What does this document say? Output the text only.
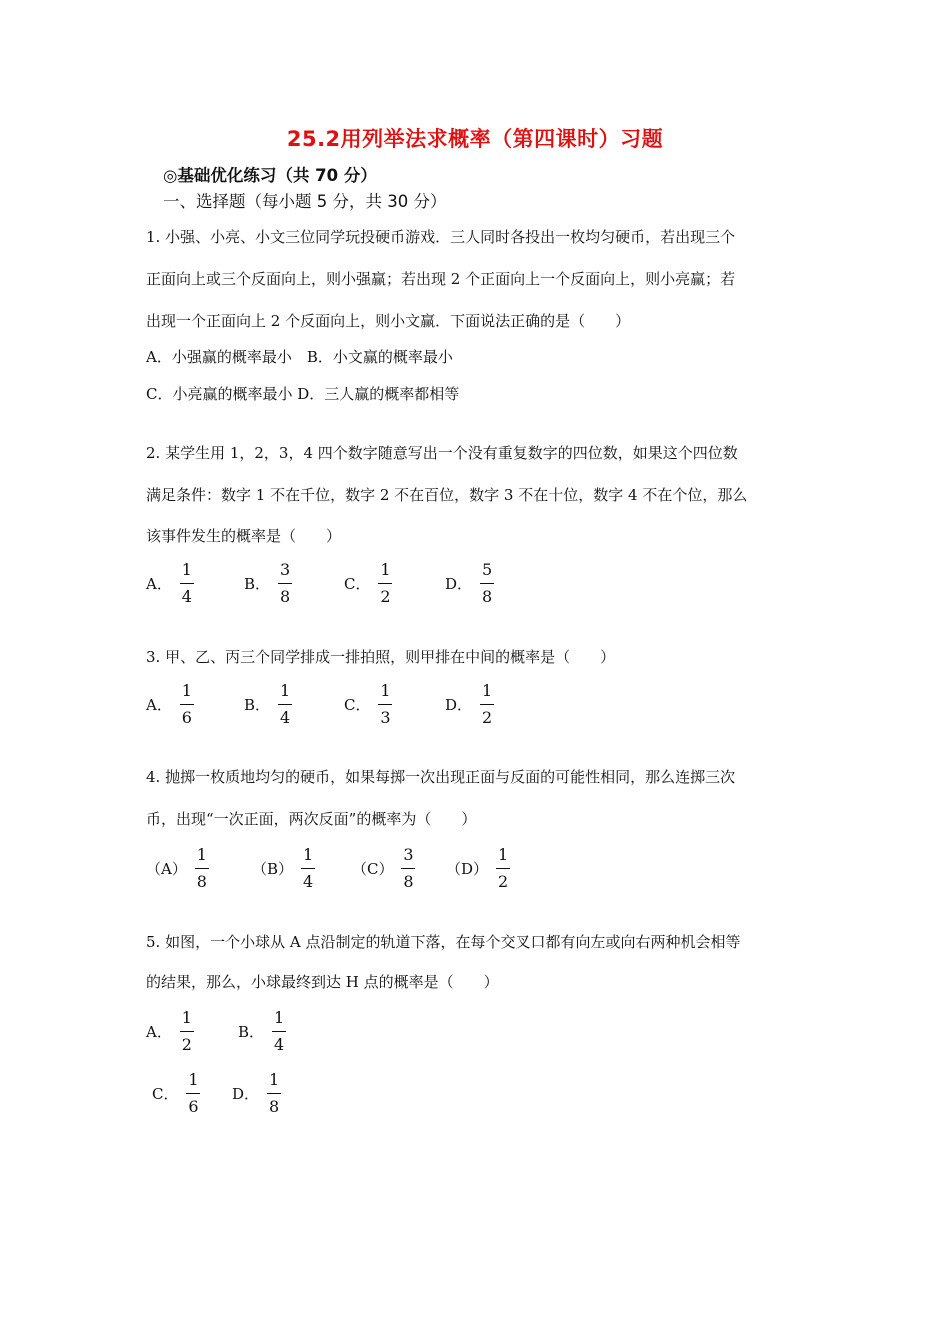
25.2用列举法求概率（第四课时）习题
◎基础优化练习（共 70 分）
一、选择题（每小题 5 分，共 30 分）
1. 小强、小亮、小文三位同学玩投硬币游戏．三人同时各投出一枚均匀硬币，若出现三个
正面向上或三个反面向上，则小强赢；若出现 2 个正面向上一个反面向上，则小亮赢；若
出现一个正面向上 2 个反面向上，则小文赢．下面说法正确的是（　　）
A．小强赢的概率最小　B．小文赢的概率最小
C．小亮赢的概率最小 D．三人赢的概率都相等
2. 某学生用 1，2，3，4 四个数字随意写出一个没有重复数字的四位数，如果这个四位数
满足条件：数字 1 不在千位，数字 2 不在百位，数字 3 不在十位，数字 4 不在个位，那么
该事件发生的概率是（　　）
A． $\frac{1}{4}$	B． $\frac{3}{8}$	C． $\frac{1}{2}$	D． $\frac{5}{8}$
3. 甲、乙、丙三个同学排成一排拍照，则甲排在中间的概率是（　　）
A． $\frac{1}{6}$	B． $\frac{1}{4}$	C． $\frac{1}{3}$	D． $\frac{1}{2}$
4. 抛掷一枚质地均匀的硬币，如果每掷一次出现正面与反面的可能性相同，那么连掷三次
币，出现“一次正面，两次反面”的概率为（　　）
$(A) \frac{1}{8}$	$(B) \frac{1}{4} (C) \frac{3}{8} (D) \frac{1}{2}$
5. 如图，一个小球从 A 点沿制定的轨道下落，在每个交叉口都有向左或向右两种机会相等
的结果，那么，小球最终到达 H 点的概率是（　　）
A． $\frac{1}{2}$	B． $\frac{1}{4}$
C． $\frac{1}{6}$ D． $\frac{1}{8}$
